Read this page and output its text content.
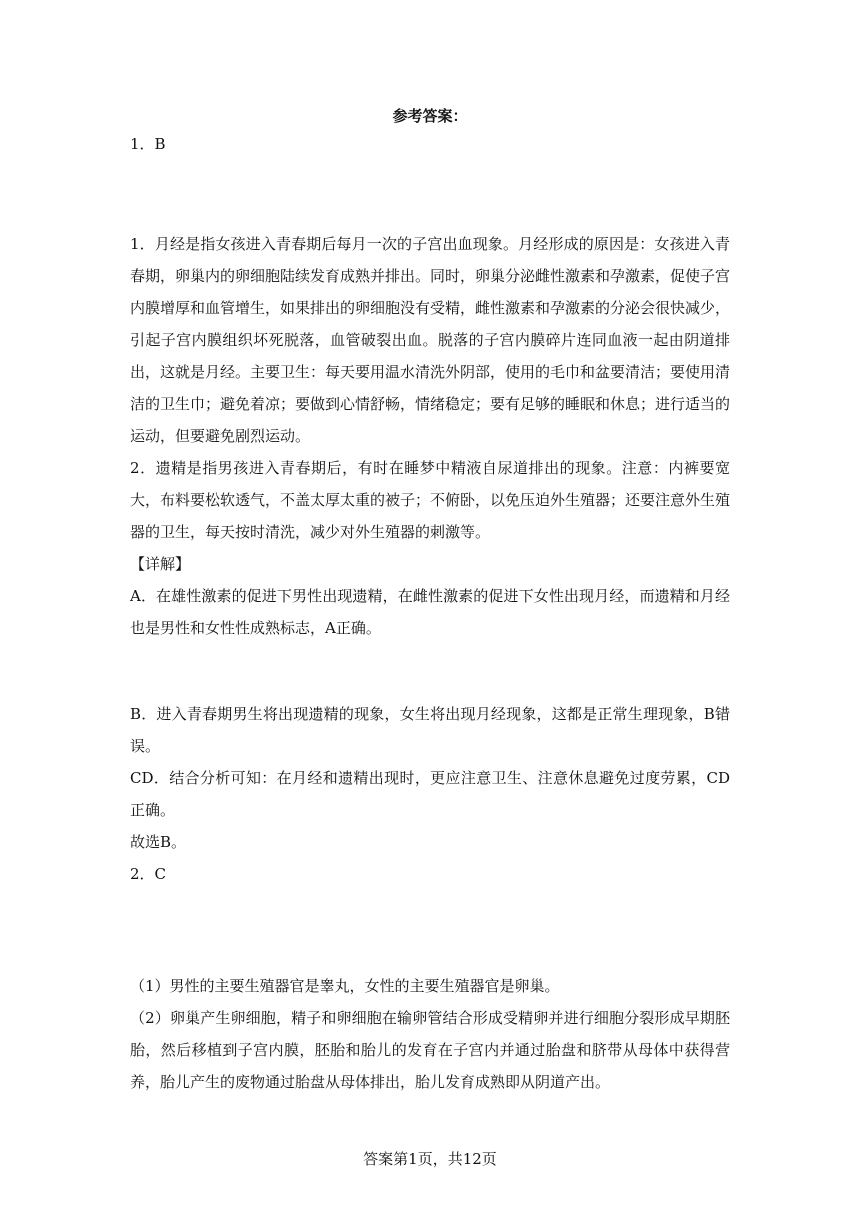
参考答案：

1．B

1．月经是指女孩进入青春期后每月一次的子宫出血现象。月经形成的原因是：女孩进入青春期，卵巢内的卵细胞陆续发育成熟并排出。同时，卵巢分泌雌性激素和孕激素，促使子宫内膜增厚和血管增生，如果排出的卵细胞没有受精，雌性激素和孕激素的分泌会很快减少，引起子宫内膜组织坏死脱落，血管破裂出血。脱落的子宫内膜碎片连同血液一起由阴道排出，这就是月经。主要卫生：每天要用温水清洗外阴部，使用的毛巾和盆要清洁；要使用清洁的卫生巾；避免着凉；要做到心情舒畅，情绪稳定；要有足够的睡眠和休息；进行适当的运动，但要避免剧烈运动。

2．遗精是指男孩进入青春期后，有时在睡梦中精液自尿道排出的现象。注意：内裤要宽大，布料要松软透气，不盖太厚太重的被子；不俯卧，以免压迫外生殖器；还要注意外生殖器的卫生，每天按时清洗，减少对外生殖器的刺激等。

【详解】

A．在雄性激素的促进下男性出现遗精，在雌性激素的促进下女性出现月经，而遗精和月经也是男性和女性性成熟标志，A正确。

B．进入青春期男生将出现遗精的现象，女生将出现月经现象，这都是正常生理现象，B错误。

CD．结合分析可知：在月经和遗精出现时，更应注意卫生、注意休息避免过度劳累，CD正确。

故选B。

2．C

（1）男性的主要生殖器官是睾丸，女性的主要生殖器官是卵巢。

（2）卵巢产生卵细胞，精子和卵细胞在输卵管结合形成受精卵并进行细胞分裂形成早期胚胎，然后移植到子宫内膜，胚胎和胎儿的发育在子宫内并通过胎盘和脐带从母体中获得营养，胎儿产生的废物通过胎盘从母体排出，胎儿发育成熟即从阴道产出。

答案第1页，共12页
